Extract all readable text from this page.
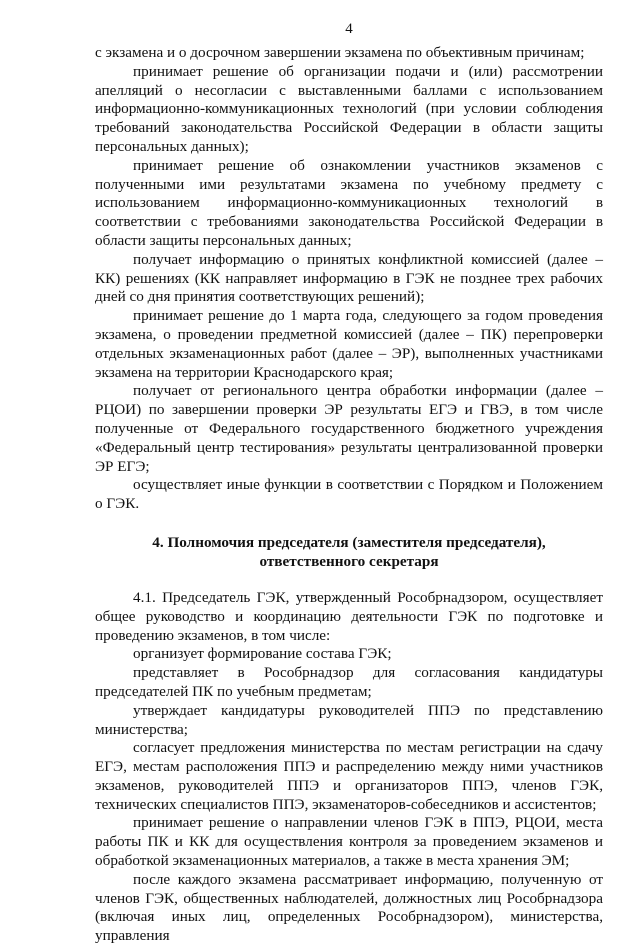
4

с экзамена и о досрочном завершении экзамена по объективным причинам;

принимает решение об организации подачи и (или) рассмотрении апелляций о несогласии с выставленными баллами с использованием информационно-коммуникационных технологий (при условии соблюдения требований законодательства Российской Федерации в области защиты персональных данных);

принимает решение об ознакомлении участников экзаменов с полученными ими результатами экзамена по учебному предмету с использованием информационно-коммуникационных технологий в соответствии с требованиями законодательства Российской Федерации в области защиты персональных данных;

получает информацию о принятых конфликтной комиссией (далее – КК) решениях (КК направляет информацию в ГЭК не позднее трех рабочих дней со дня принятия соответствующих решений);

принимает решение до 1 марта года, следующего за годом проведения экзамена, о проведении предметной комиссией (далее – ПК) перепроверки отдельных экзаменационных работ (далее – ЭР), выполненных участниками экзамена на территории Краснодарского края;

получает от регионального центра обработки информации (далее – РЦОИ) по завершении проверки ЭР результаты ЕГЭ и ГВЭ, в том числе полученные от Федерального государственного бюджетного учреждения «Федеральный центр тестирования» результаты централизованной проверки ЭР ЕГЭ;

осуществляет иные функции в соответствии с Порядком и Положением о ГЭК.

4. Полномочия председателя (заместителя председателя),
ответственного секретаря

4.1. Председатель ГЭК, утвержденный Рособрнадзором, осуществляет общее руководство и координацию деятельности ГЭК по подготовке и проведению экзаменов, в том числе:

организует формирование состава ГЭК;

представляет в Рособрнадзор для согласования кандидатуры председателей ПК по учебным предметам;

утверждает кандидатуры руководителей ППЭ по представлению министерства;

согласует предложения министерства по местам регистрации на сдачу ЕГЭ, местам расположения ППЭ и распределению между ними участников экзаменов, руководителей ППЭ и организаторов ППЭ, членов ГЭК, технических специалистов ППЭ, экзаменаторов-собеседников и ассистентов;

принимает решение о направлении членов ГЭК в ППЭ, РЦОИ, места работы ПК и КК для осуществления контроля за проведением экзаменов и обработкой экзаменационных материалов, а также в места хранения ЭМ;

после каждого экзамена рассматривает информацию, полученную от членов ГЭК, общественных наблюдателей, должностных лиц Рособрнадзора (включая иных лиц, определенных Рособрнадзором), министерства, управления
